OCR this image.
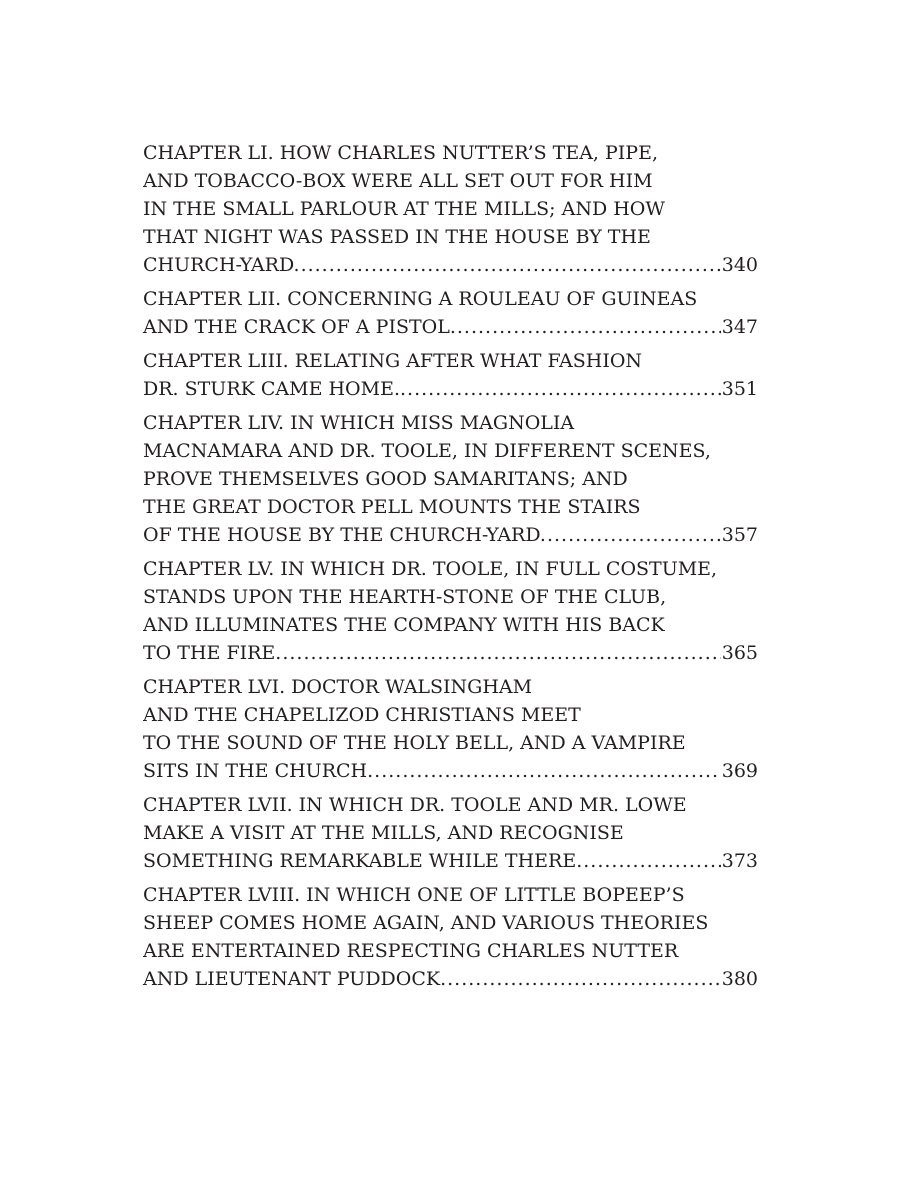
CHAPTER LI. HOW CHARLES NUTTER’S TEA, PIPE,
AND TOBACCO-BOX WERE ALL SET OUT FOR HIM
IN THE SMALL PARLOUR AT THE MILLS; AND HOW
THAT NIGHT WAS PASSED IN THE HOUSE BY THE
CHURCH-YARD. .....	340
CHAPTER LII. CONCERNING A ROULEAU OF GUINEAS
AND THE CRACK OF A PISTOL. .....	347
CHAPTER LIII. RELATING AFTER WHAT FASHION
DR. STURK CAME HOME.. .....	351
CHAPTER LIV. IN WHICH MISS MAGNOLIA
MACNAMARA AND DR. TOOLE, IN DIFFERENT SCENES,
PROVE THEMSELVES GOOD SAMARITANS; AND
THE GREAT DOCTOR PELL MOUNTS THE STAIRS
OF THE HOUSE BY THE CHURCH-YARD. .....	357
CHAPTER LV. IN WHICH DR. TOOLE, IN FULL COSTUME,
STANDS UPON THE HEARTH-STONE OF THE CLUB,
AND ILLUMINATES THE COMPANY WITH HIS BACK
TO THE FIRE. .....	365
CHAPTER LVI. DOCTOR WALSINGHAM
AND THE CHAPELIZOD CHRISTIANS MEET
TO THE SOUND OF THE HOLY BELL, AND A VAMPIRE
SITS IN THE CHURCH. .....	369
CHAPTER LVII. IN WHICH DR. TOOLE AND MR. LOWE
MAKE A VISIT AT THE MILLS, AND RECOGNISE
SOMETHING REMARKABLE WHILE THERE. .....	373
CHAPTER LVIII. IN WHICH ONE OF LITTLE BOPEEP’S
SHEEP COMES HOME AGAIN, AND VARIOUS THEORIES
ARE ENTERTAINED RESPECTING CHARLES NUTTER
AND LIEUTENANT PUDDOCK. .....	380
